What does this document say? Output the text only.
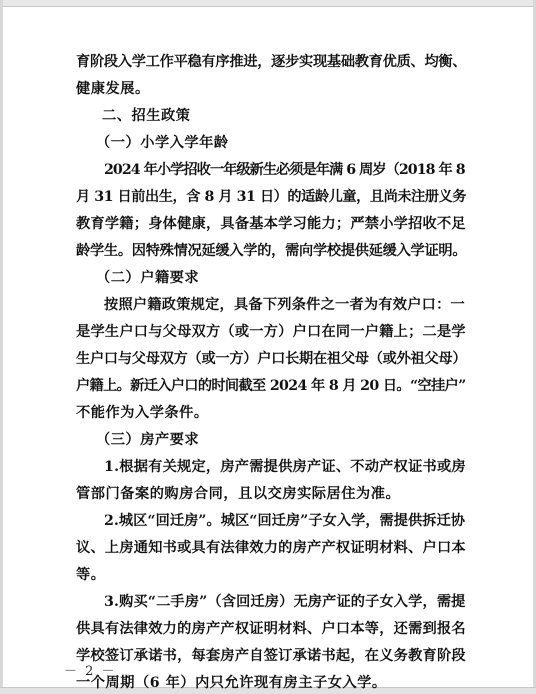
育阶段入学工作平稳有序推进，逐步实现基础教育优质、均衡、
健康发展。
二、招生政策
（一）小学入学年龄
2024 年小学招收一年级新生必须是年满 6 周岁（2018 年 8
月 31 日前出生，含 8 月 31 日）的适龄儿童，且尚未注册义务
教育学籍；身体健康，具备基本学习能力；严禁小学招收不足
龄学生。因特殊情况延缓入学的，需向学校提供延缓入学证明。
（二）户籍要求
按照户籍政策规定，具备下列条件之一者为有效户口：一
是学生户口与父母双方（或一方）户口在同一户籍上；二是学
生户口与父母双方（或一方）户口长期在祖父母（或外祖父母）
户籍上。新迁入户口的时间截至 2024 年 8 月 20 日。“空挂户”
不能作为入学条件。
（三）房产要求
1.根据有关规定，房产需提供房产证、不动产权证书或房
管部门备案的购房合同，且以交房实际居住为准。
2.城区“回迁房”。城区“回迁房”子女入学，需提供拆迁协
议、上房通知书或具有法律效力的房产产权证明材料、户口本
等。
3.购买“二手房”（含回迁房）无房产证的子女入学，需提
供具有法律效力的房产产权证明材料、户口本等，还需到报名
学校签订承诺书，每套房产自签订承诺书起，在义务教育阶段
一个周期（6 年）内只允许现有房主子女入学。
－ 2 －
